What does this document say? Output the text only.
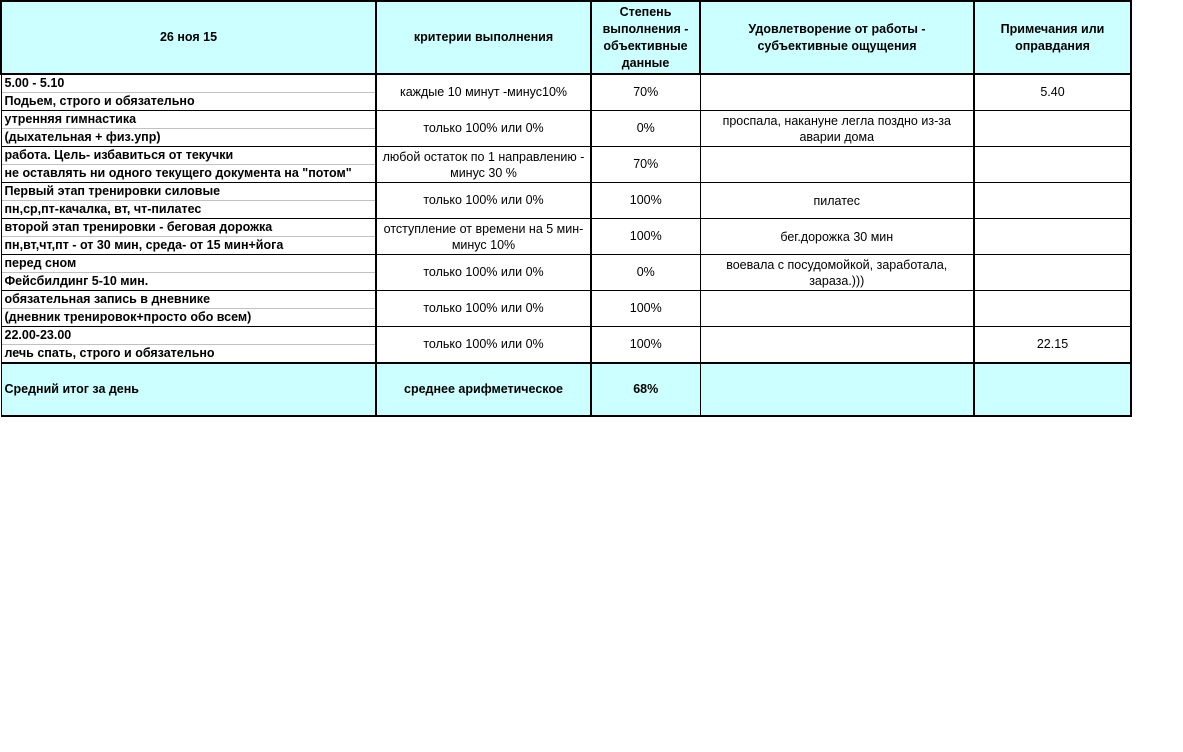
26 ноя 15	критерии выполнения	Степень выполнения - объективные данные	Удовлетворение от работы - субъективные ощущения	Примечания или оправдания

5.00 - 5.10
Подьем, строго и обязательно	каждые 10 минут -минус10%	70%		5.40

утренняя гимнастика
(дыхательная + физ.упр)	только 100% или 0%	0%	проспала, накануне легла поздно из-за аварии дома	

работа. Цель- избавиться от текучки
не оставлять ни одного текущего документа на "потом"	любой остаток по 1 направлению - минус 30 %	70%		

Первый этап тренировки силовые
пн,ср,пт-качалка, вт, чт-пилатес	только 100% или 0%	100%	пилатес	

второй этап тренировки - беговая дорожка
пн,вт,чт,пт - от 30 мин, среда- от 15 мин+йога	отступление от времени на 5 мин- минус 10%	100%	бег.дорожка 30 мин	

перед сном
Фейсбилдинг 5-10 мин.	только 100% или 0%	0%	воевала с посудомойкой, заработала, зараза.)))	

обязательная запись в дневнике
(дневник тренировок+просто обо всем)	только 100% или 0%	100%		

22.00-23.00
лечь спать, строго и обязательно	только 100% или 0%	100%		22.15
Средний итог за день	среднее арифметическое	68%		
